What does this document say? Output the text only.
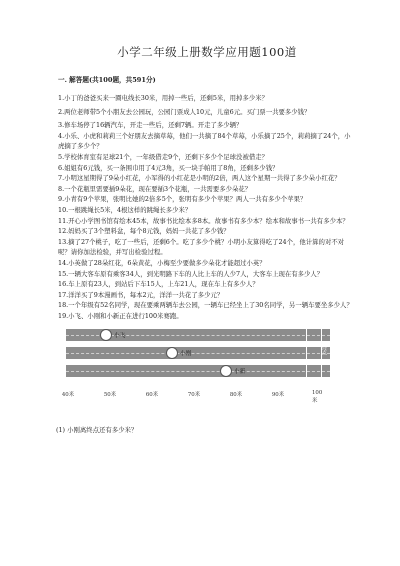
小学二年级上册数学应用题100道
一. 解答题(共100题，共591分)

1.小丁的爸爸买来一圈电线长30米，用掉一些后，还剩5米，用掉多少米？

2.两位老师带5个小朋友去公园玩，公园门票成人10元，儿童6元。买门票一共要多少钱？

3.修车场停了16辆汽车，开走一些后，还剩7辆。开走了多少辆？

4.小乐、小虎和莉莉三个好朋友去摘草莓，他们一共摘了84个草莓，小乐摘了25个，莉莉摘了24个，小虎摘了多少个？

5.学校体育室有足球21个，一年级借走9个，还剩下多少个足球没被借走？

6.姐姐有6元钱，买一条围巾用了4元3角，买一块手帕用了8角，还剩多少钱？

7.小明这星期得了9朵小红花，小军得的小红花是小明的2倍，两人这个星期一共得了多少朵小红花？

8.一个花瓶里需要插9朵花，现在要插3个花瓶，一共需要多少朵花？

9.小青有9个苹果，张明比她的2倍多5个，张明有多少个苹果？两人一共有多少个苹果？

10.一根跳绳长5米，4根这样的跳绳长多少米？

11.开心小学图书馆有绘本45本，故事书比绘本多8本。故事书有多少本？绘本和故事书一共有多少本？

12.妈妈买了3个塑料盆，每个8元钱，妈妈一共花了多少钱？

13.摘了27个桃子，吃了一些后，还剩6个。吃了多少个桃？小明小友算得吃了24个，他计算的对不对呢？请你加法检验，并写出检验过程。

14.小英做了28朵红花，6朵黄花，小梅至少要做多少朵花才能超过小英？

15.一辆大客车原有乘客34人，到光明路下车的人比上车的人少7人，大客车上现在有多少人？

16.车上原有23人，到站后下车15人，上车21人，现在车上有多少人？

17.洋洋买了9本漫画书，每本2元，洋洋一共花了多少元？

18.一个年级有52名同学，现在要乘两辆车去公园，一辆车已经坐上了30名同学，另一辆车要坐多少人？

19.小飞、小刚和小新正在进行100米赛跑。

小飞
小刚
小新
终点
40米	50米	60米	70米	80米	90米	100米
(1) 小刚离终点还有多少米？
